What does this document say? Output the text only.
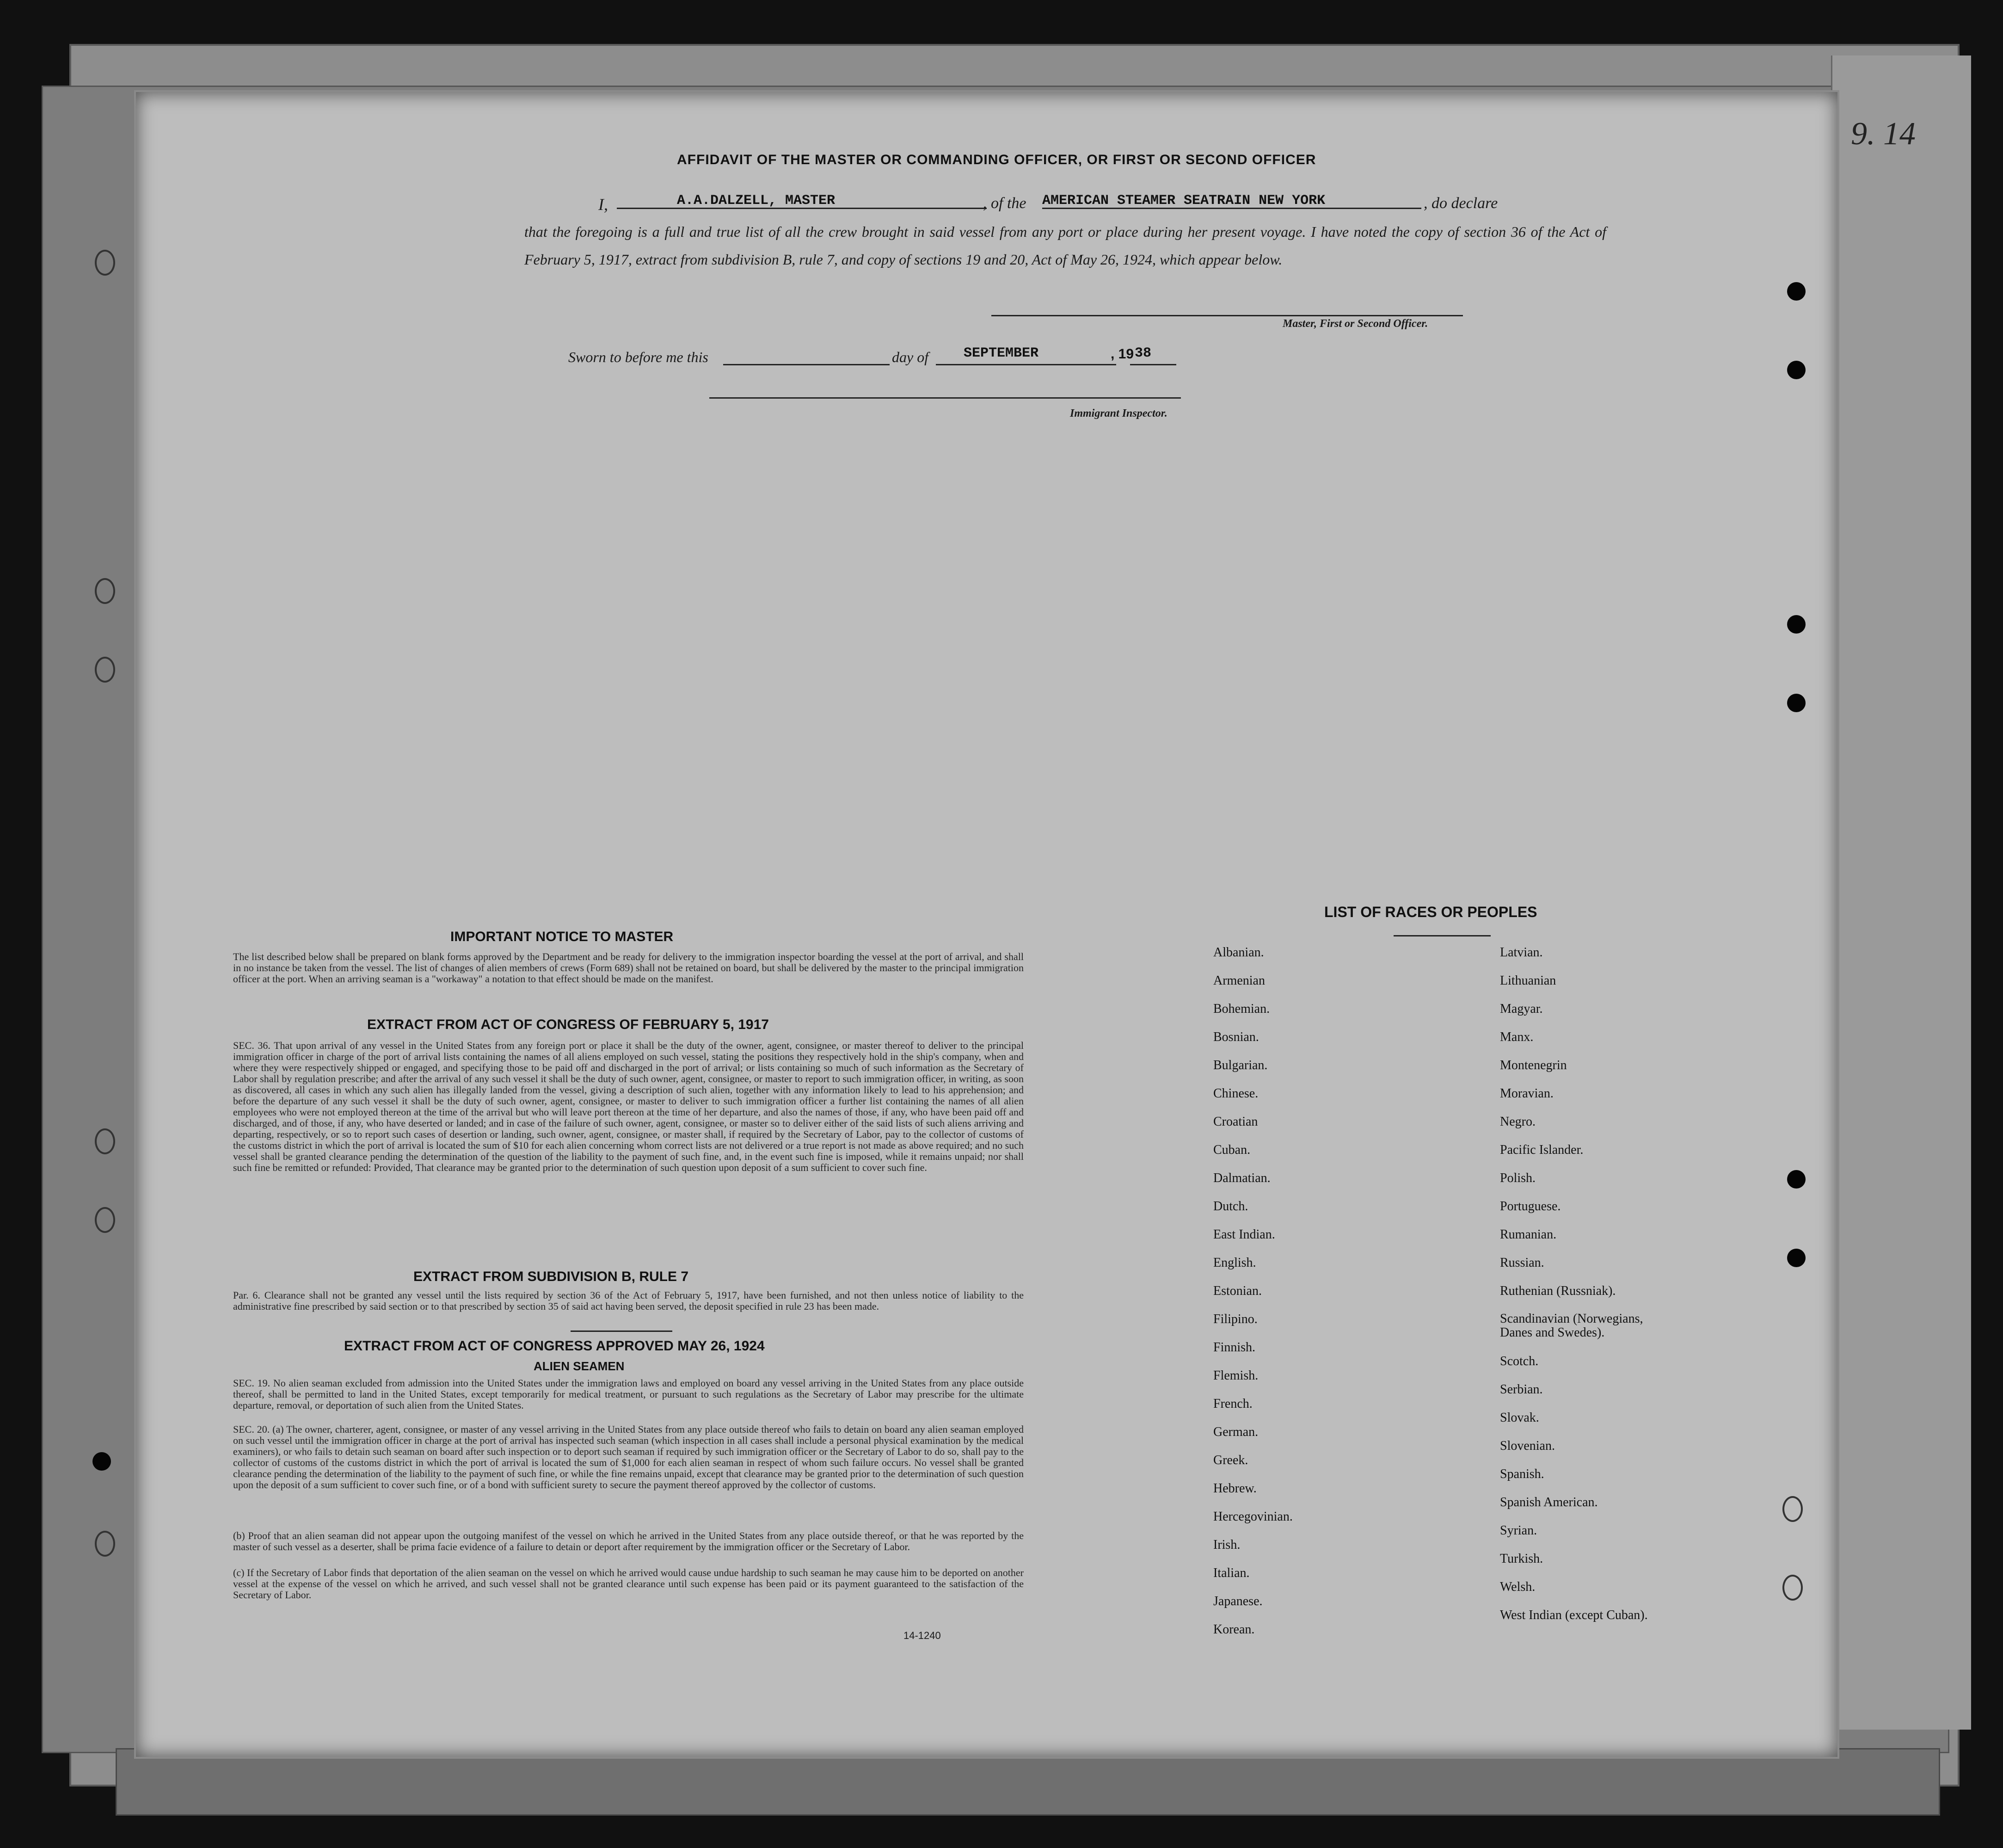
9. 14
AFFIDAVIT OF THE MASTER OR COMMANDING OFFICER, OR FIRST OR SECOND OFFICER
I,	A.A.DALZELL, MASTER	, of the AMERICAN STEAMER SEATRAIN NEW YORK	, do declare
that the foregoing is a full and true list of all the crew brought in said vessel from any port or place during her present voyage. I have noted the copy of section 36 of the Act of February 5, 1917, extract from subdivision B, rule 7, and copy of sections 19 and 20, Act of May 26, 1924, which appear below.
Master, First or Second Officer.
Sworn to before me this	day of	SEPTEMBER	, 19 38
Immigrant Inspector.
IMPORTANT NOTICE TO MASTER
The list described below shall be prepared on blank forms approved by the Department and be ready for delivery to the immigration inspector boarding the vessel at the port of arrival, and shall in no instance be taken from the vessel. The list of changes of alien members of crews (Form 689) shall not be retained on board, but shall be delivered by the master to the principal immigration officer at the port. When an arriving seaman is a "workaway" a notation to that effect should be made on the manifest.
EXTRACT FROM ACT OF CONGRESS OF FEBRUARY 5, 1917
SEC. 36. That upon arrival of any vessel in the United States from any foreign port or place it shall be the duty of the owner, agent, consignee, or master thereof to deliver to the principal immigration officer in charge of the port of arrival lists containing the names of all aliens employed on such vessel, stating the positions they respectively hold in the ship's company, when and where they were respectively shipped or engaged, and specifying those to be paid off and discharged in the port of arrival; or lists containing so much of such information as the Secretary of Labor shall by regulation prescribe; and after the arrival of any such vessel it shall be the duty of such owner, agent, consignee, or master to report to such immigration officer, in writing, as soon as discovered, all cases in which any such alien has illegally landed from the vessel, giving a description of such alien, together with any information likely to lead to his apprehension; and before the departure of any such vessel it shall be the duty of such owner, agent, consignee, or master to deliver to such immigration officer a further list containing the names of all alien employees who were not employed thereon at the time of the arrival but who will leave port thereon at the time of her departure, and also the names of those, if any, who have been paid off and discharged, and of those, if any, who have deserted or landed; and in case of the failure of such owner, agent, consignee, or master so to deliver either of the said lists of such aliens arriving and departing, respectively, or so to report such cases of desertion or landing, such owner, agent, consignee, or master shall, if required by the Secretary of Labor, pay to the collector of customs of the customs district in which the port of arrival is located the sum of $10 for each alien concerning whom correct lists are not delivered or a true report is not made as above required; and no such vessel shall be granted clearance pending the determination of the question of the liability to the payment of such fine, and, in the event such fine is imposed, while it remains unpaid; nor shall such fine be remitted or refunded: Provided, That clearance may be granted prior to the determination of such question upon deposit of a sum sufficient to cover such fine.
EXTRACT FROM SUBDIVISION B, RULE 7
Par. 6. Clearance shall not be granted any vessel until the lists required by section 36 of the Act of February 5, 1917, have been furnished, and not then unless notice of liability to the administrative fine prescribed by said section or to that prescribed by section 35 of said act having been served, the deposit specified in rule 23 has been made.
EXTRACT FROM ACT OF CONGRESS APPROVED MAY 26, 1924
ALIEN SEAMEN
SEC. 19. No alien seaman excluded from admission into the United States under the immigration laws and employed on board any vessel arriving in the United States from any place outside thereof, shall be permitted to land in the United States, except temporarily for medical treatment, or pursuant to such regulations as the Secretary of Labor may prescribe for the ultimate departure, removal, or deportation of such alien from the United States.
SEC. 20. (a) The owner, charterer, agent, consignee, or master of any vessel arriving in the United States from any place outside thereof who fails to detain on board any alien seaman employed on such vessel until the immigration officer in charge at the port of arrival has inspected such seaman (which inspection in all cases shall include a personal physical examination by the medical examiners), or who fails to detain such seaman on board after such inspection or to deport such seaman if required by such immigration officer or the Secretary of Labor to do so, shall pay to the collector of customs of the customs district in which the port of arrival is located the sum of $1,000 for each alien seaman in respect of whom such failure occurs. No vessel shall be granted clearance pending the determination of the liability to the payment of such fine, or while the fine remains unpaid, except that clearance may be granted prior to the determination of such question upon the deposit of a sum sufficient to cover such fine, or of a bond with sufficient surety to secure the payment thereof approved by the collector of customs.
(b) Proof that an alien seaman did not appear upon the outgoing manifest of the vessel on which he arrived in the United States from any place outside thereof, or that he was reported by the master of such vessel as a deserter, shall be prima facie evidence of a failure to detain or deport after requirement by the immigration officer or the Secretary of Labor.
(c) If the Secretary of Labor finds that deportation of the alien seaman on the vessel on which he arrived would cause undue hardship to such seaman he may cause him to be deported on another vessel at the expense of the vessel on which he arrived, and such vessel shall not be granted clearance until such expense has been paid or its payment guaranteed to the satisfaction of the Secretary of Labor.
14-1240
LIST OF RACES OR PEOPLES
Albanian.
Armenian
Bohemian.
Bosnian.
Bulgarian.
Chinese.
Croatian
Cuban.
Dalmatian.
Dutch.
East Indian.
English.
Estonian.
Filipino.
Finnish.
Flemish.
French.
German.
Greek.
Hebrew.
Hercegovinian.
Irish.
Italian.
Japanese.
Korean.
Latvian.
Lithuanian
Magyar.
Manx.
Montenegrin
Moravian.
Negro.
Pacific Islander.
Polish.
Portuguese.
Rumanian.
Russian.
Ruthenian (Russniak).
Scandinavian (Norwegians, Danes and Swedes).
Scotch.
Serbian.
Slovak.
Slovenian.
Spanish.
Spanish American.
Syrian.
Turkish.
Welsh.
West Indian (except Cuban).
